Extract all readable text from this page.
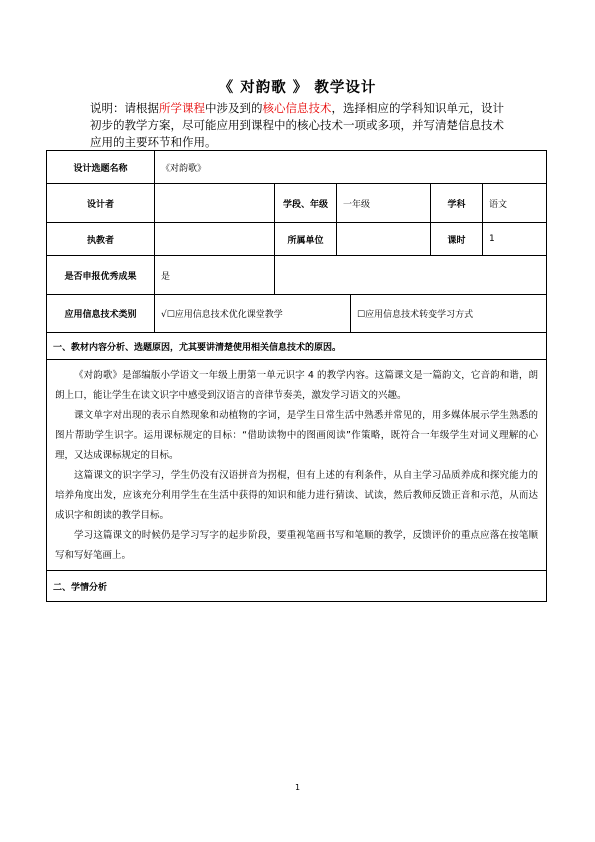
《 对韵歌 》 教学设计
说明：请根据所学课程中涉及到的核心信息技术，选择相应的学科知识单元，设计初步的教学方案，尽可能应用到课程中的核心技术一项或多项，并写清楚信息技术应用的主要环节和作用。
设计选题名称	《对韵歌》				
设计者		学段、年级	一年级	学科	语文
执教者		所属单位		课时	1
是否申报优秀成果	是				
应用信息技术类别	√☐应用信息技术优化课堂教学 ☐应用信息技术转变学习方式				

一、教材内容分析、选题原因，尤其要讲清楚使用相关信息技术的原因。					

《对韵歌》是部编版小学语文一年级上册第一单元识字 4 的教学内容。这篇课文是一篇韵文，它音韵和谐，朗朗上口，能让学生在读文识字中感受到汉语言的音律节奏美，激发学习语文的兴趣。

课文单字对出现的表示自然现象和动植物的字词，是学生日常生活中熟悉并常见的，用多媒体展示学生熟悉的图片帮助学生识字。运用课标规定的目标：“借助读物中的图画阅读”作策略，既符合一年级学生对词义理解的心理，又达成课标规定的目标。

这篇课文的识字学习，学生仍没有汉语拼音为拐棍，但有上述的有利条件，从自主学习品质养成和探究能力的培养角度出发，应该充分利用学生在生活中获得的知识和能力进行猜读、试读，然后教师反馈正音和示范，从而达成识字和朗读的教学目标。

学习这篇课文的时候仍是学习写字的起步阶段，要重视笔画书写和笔顺的教学，反馈评价的重点应落在按笔顺写和写好笔画上。					

二、学情分析					
1
